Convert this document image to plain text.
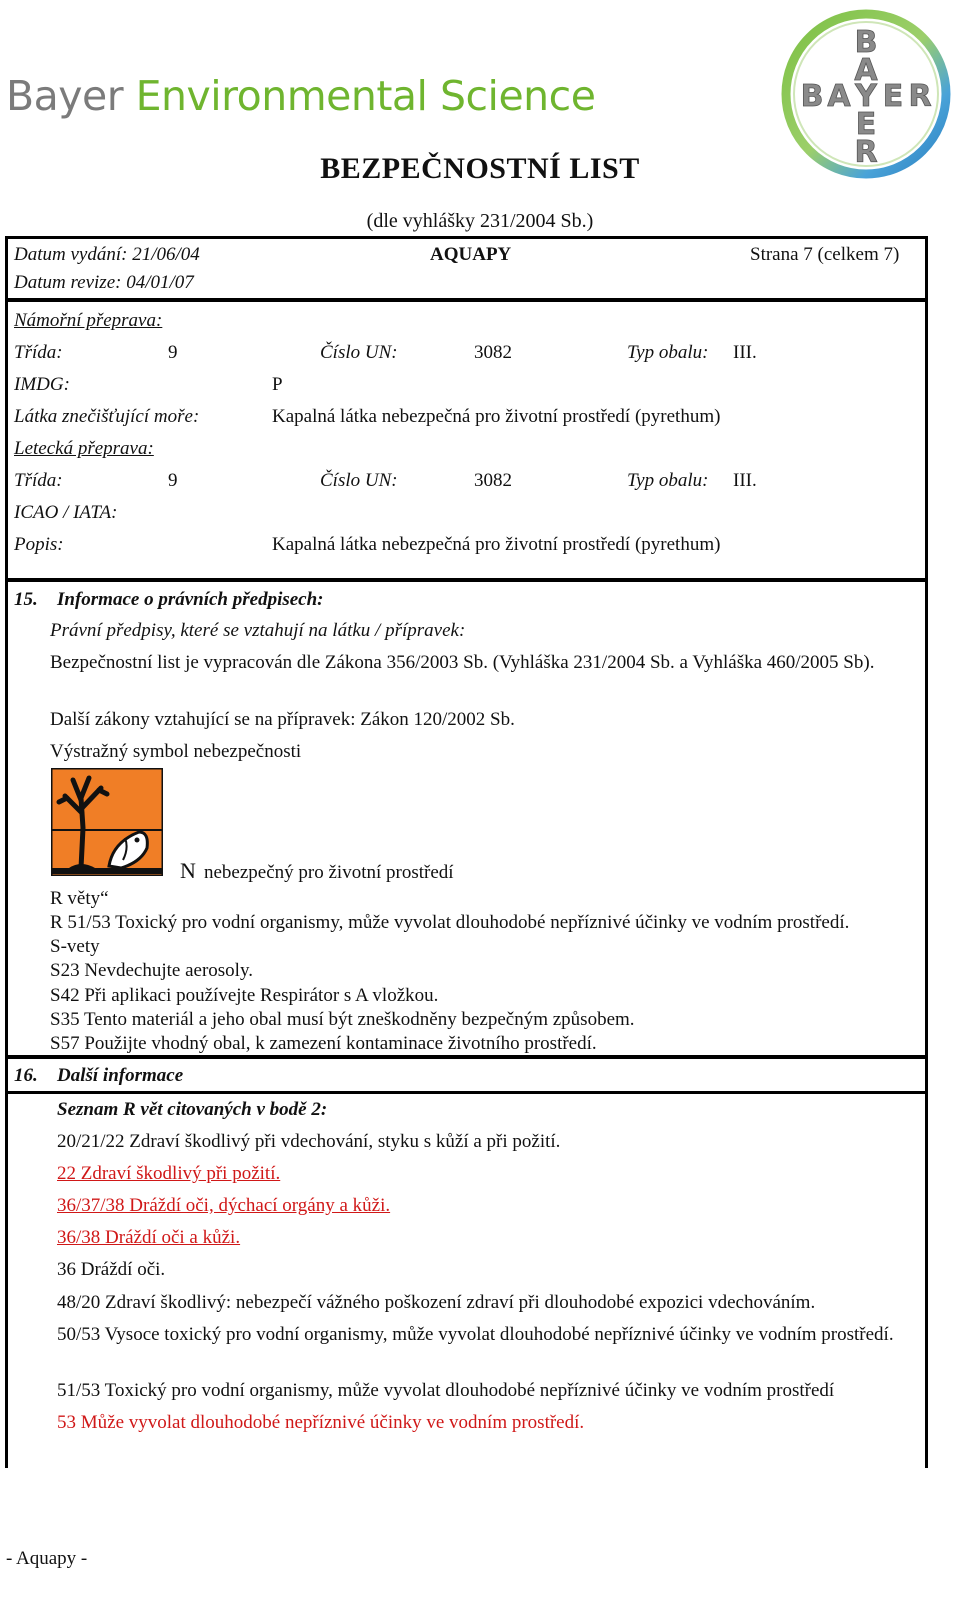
Bayer Environmental Science
B
A
B A Y E R
E
R
BEZPEČNOSTNÍ LIST
(dle vyhlášky 231/2004 Sb.)
Datum vydání: 21/06/04	AQUAPY	Strana 7 (celkem 7)
Datum revize: 04/01/07
Námořní přeprava:
Třída:	9	Číslo UN:	3082	Typ obalu: III.
IMDG:	P
Látka znečišťující moře:	Kapalná látka nebezpečná pro životní prostředí (pyrethum)
Letecká přeprava:
Třída:	9	Číslo UN:	3082	Typ obalu: III.
ICAO / IATA:
Popis:	Kapalná látka nebezpečná pro životní prostředí (pyrethum)
15. Informace o právních předpisech:
Právní předpisy, které se vztahují na látku / přípravek:
Bezpečnostní list je vypracován dle Zákona 356/2003 Sb. (Vyhláška 231/2004 Sb. a Vyhláška 460/2005 Sb).
Další zákony vztahující se na přípravek: Zákon 120/2002 Sb.
Výstražný symbol nebezpečnosti
N nebezpečný pro životní prostředí
R věty“
R 51/53 Toxický pro vodní organismy, může vyvolat dlouhodobé nepříznivé účinky ve vodním prostředí.
S-vety
S23 Nevdechujte aerosoly.
S42 Při aplikaci používejte Respirátor s A vložkou.
S35 Tento materiál a jeho obal musí být zneškodněny bezpečným způsobem.
S57 Použijte vhodný obal, k zamezení kontaminace životního prostředí.
16. Další informace
Seznam R vět citovaných v bodě 2:
20/21/22 Zdraví škodlivý při vdechování, styku s kůží a při požití.
22 Zdraví škodlivý při požití.
36/37/38 Dráždí oči, dýchací orgány a kůži.
36/38 Dráždí oči a kůži.
36 Dráždí oči.
48/20 Zdraví škodlivý: nebezpečí vážného poškození zdraví při dlouhodobé expozici vdechováním.
50/53 Vysoce toxický pro vodní organismy, může vyvolat dlouhodobé nepříznivé účinky ve vodním prostředí.
51/53 Toxický pro vodní organismy, může vyvolat dlouhodobé nepříznivé účinky ve vodním prostředí
53 Může vyvolat dlouhodobé nepříznivé účinky ve vodním prostředí.
- Aquapy -
